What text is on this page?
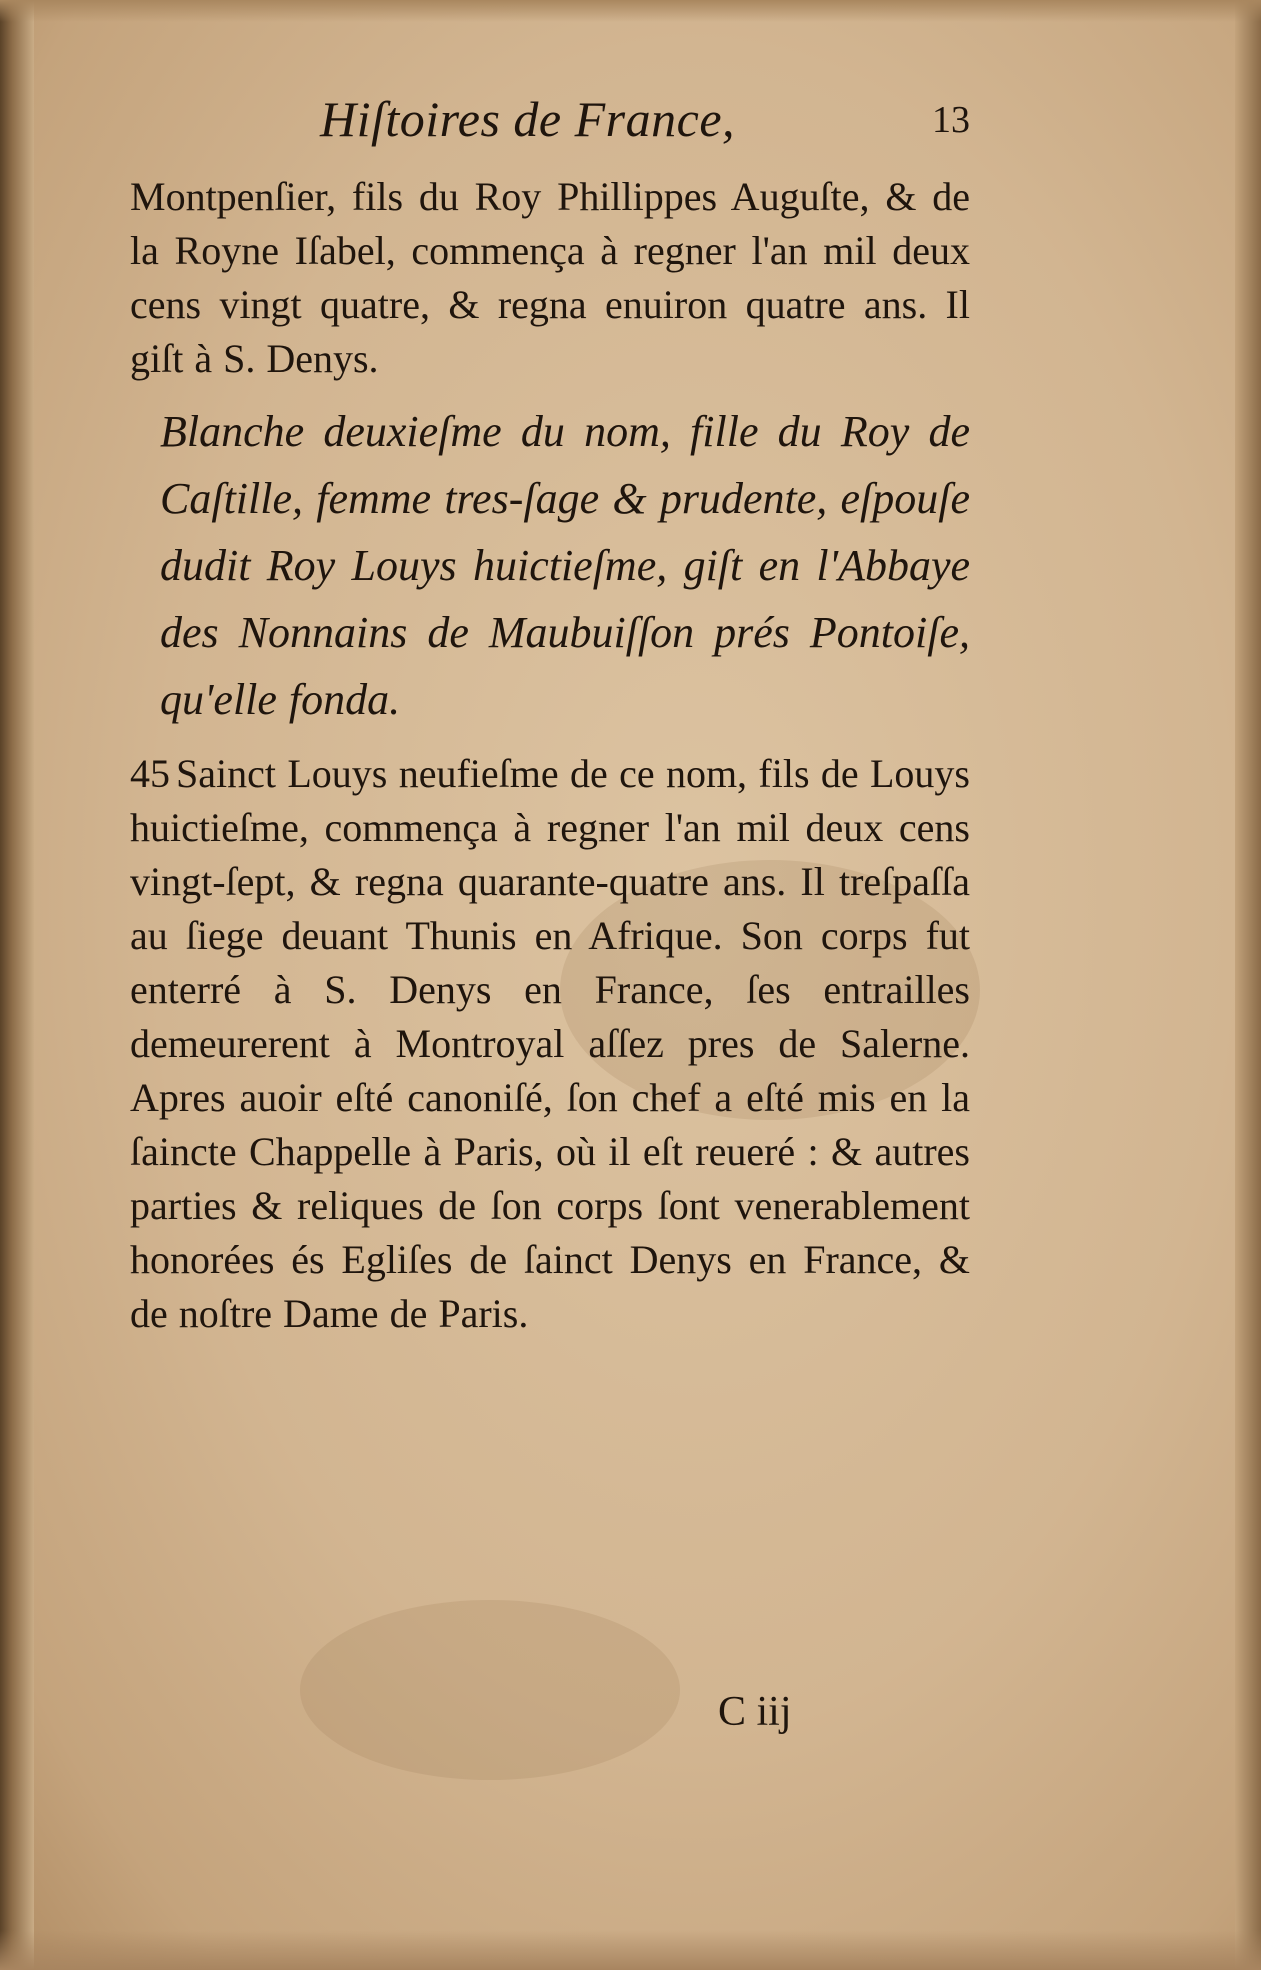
Hiſtoires de France,	13

Montpenſier, fils du Roy Phillippes Auguſte, & de la Royne Iſabel, commença à regner l'an mil deux cens vingt quatre, & regna enuiron quatre ans. Il giſt à S. Denys.

Blanche deuxieſme du nom, fille du Roy de Caſtille, femme tres-ſage & prudente, eſpouſe dudit Roy Louys huictieſme, giſt en l'Abbaye des Nonnains de Maubuiſſon prés Pontoiſe, qu'elle fonda.

45 Sainct Louys neufieſme de ce nom, fils de Louys huictieſme, commença à regner l'an mil deux cens vingt-ſept, & regna quarante-quatre ans. Il treſpaſſa au ſiege deuant Thunis en Afrique. Son corps fut enterré à S. Denys en France, ſes entrailles demeurerent à Montroyal aſſez pres de Salerne. Apres auoir eſté canoniſé, ſon chef a eſté mis en la ſaincte Chappelle à Paris, où il eſt reueré : & autres parties & reliques de ſon corps ſont venerablement honorées és Egliſes de ſainct Denys en France, & de noſtre Dame de Paris.

C iij
